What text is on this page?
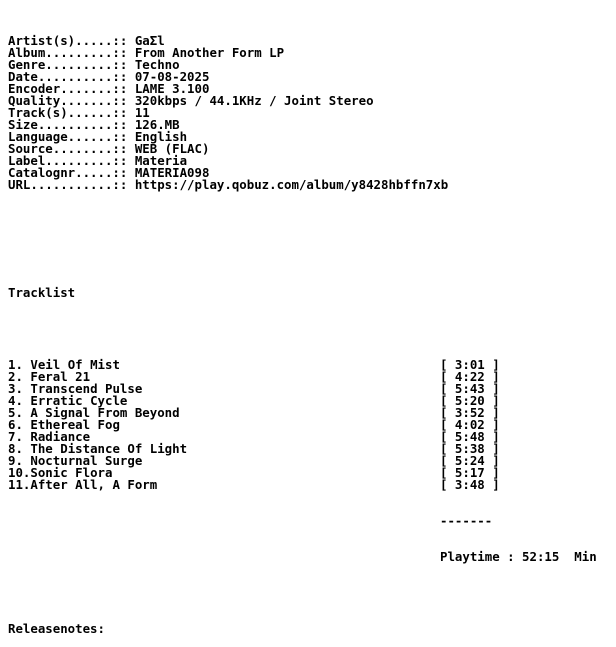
Artist(s).....:: GaΣl
Album.........:: From Another Form LP
Genre.........:: Techno
Date..........:: 07-08-2025
Encoder.......:: LAME 3.100
Quality.......:: 320kbps / 44.1KHz / Joint Stereo
Track(s)......:: 11
Size..........:: 126.MB
Language......:: English
Source........:: WEB (FLAC)
Label.........:: Materia
Catalognr.....:: MATERIA098
URL...........:: https://play.qobuz.com/album/y8428hbffn7xb

Tracklist

1. Veil Of Mist	[ 3:01 ]
2. Feral 21	[ 4:22 ]
3. Transcend Pulse	[ 5:43 ]
4. Erratic Cycle	[ 5:20 ]
5. A Signal From Beyond	[ 3:52 ]
6. Ethereal Fog	[ 4:02 ]
7. Radiance	[ 5:48 ]
8. The Distance Of Light	[ 5:38 ]
9. Nocturnal Surge	[ 5:24 ]
10.Sonic Flora	[ 5:17 ]
11.After All, A Form	[ 3:48 ]

-------

Playtime : 52:15  Min

Releasenotes:
